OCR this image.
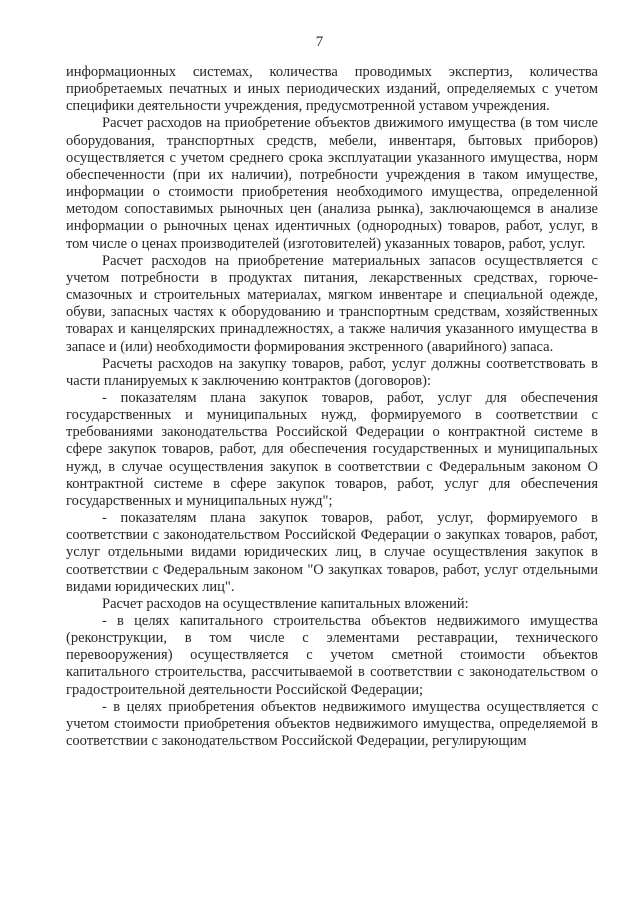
7

информационных системах, количества проводимых экспертиз, количества приобретаемых печатных и иных периодических изданий, определяемых с учетом специфики деятельности учреждения, предусмотренной уставом учреждения.

Расчет расходов на приобретение объектов движимого имущества (в том числе оборудования, транспортных средств, мебели, инвентаря, бытовых приборов) осуществляется с учетом среднего срока эксплуатации указанного имущества, норм обеспеченности (при их наличии), потребности учреждения в таком имуществе, информации о стоимости приобретения необходимого имущества, определенной методом сопоставимых рыночных цен (анализа рынка), заключающемся в анализе информации о рыночных ценах идентичных (однородных) товаров, работ, услуг, в том числе о ценах производителей (изготовителей) указанных товаров, работ, услуг.

Расчет расходов на приобретение материальных запасов осуществляется с учетом потребности в продуктах питания, лекарственных средствах, горюче-смазочных и строительных материалах, мягком инвентаре и специальной одежде, обуви, запасных частях к оборудованию и транспортным средствам, хозяйственных товарах и канцелярских принадлежностях, а также наличия указанного имущества в запасе и (или) необходимости формирования экстренного (аварийного) запаса.

Расчеты расходов на закупку товаров, работ, услуг должны соответствовать в части планируемых к заключению контрактов (договоров):

- показателям плана закупок товаров, работ, услуг для обеспечения государственных и муниципальных нужд, формируемого в соответствии с требованиями законодательства Российской Федерации о контрактной системе в сфере закупок товаров, работ, для обеспечения государственных и муниципальных нужд, в случае осуществления закупок в соответствии с Федеральным законом О контрактной системе в сфере закупок товаров, работ, услуг для обеспечения государственных и муниципальных нужд";

- показателям плана закупок товаров, работ, услуг, формируемого в соответствии с законодательством Российской Федерации о закупках товаров, работ, услуг отдельными видами юридических лиц, в случае осуществления закупок в соответствии с Федеральным законом "О закупках товаров, работ, услуг отдельными видами юридических лиц".

Расчет расходов на осуществление капитальных вложений:

- в целях капитального строительства объектов недвижимого имущества (реконструкции, в том числе с элементами реставрации, технического перевооружения) осуществляется с учетом сметной стоимости объектов капитального строительства, рассчитываемой в соответствии с законодательством о градостроительной деятельности Российской Федерации;

- в целях приобретения объектов недвижимого имущества осуществляется с учетом стоимости приобретения объектов недвижимого имущества, определяемой в соответствии с законодательством Российской Федерации, регулирующим
